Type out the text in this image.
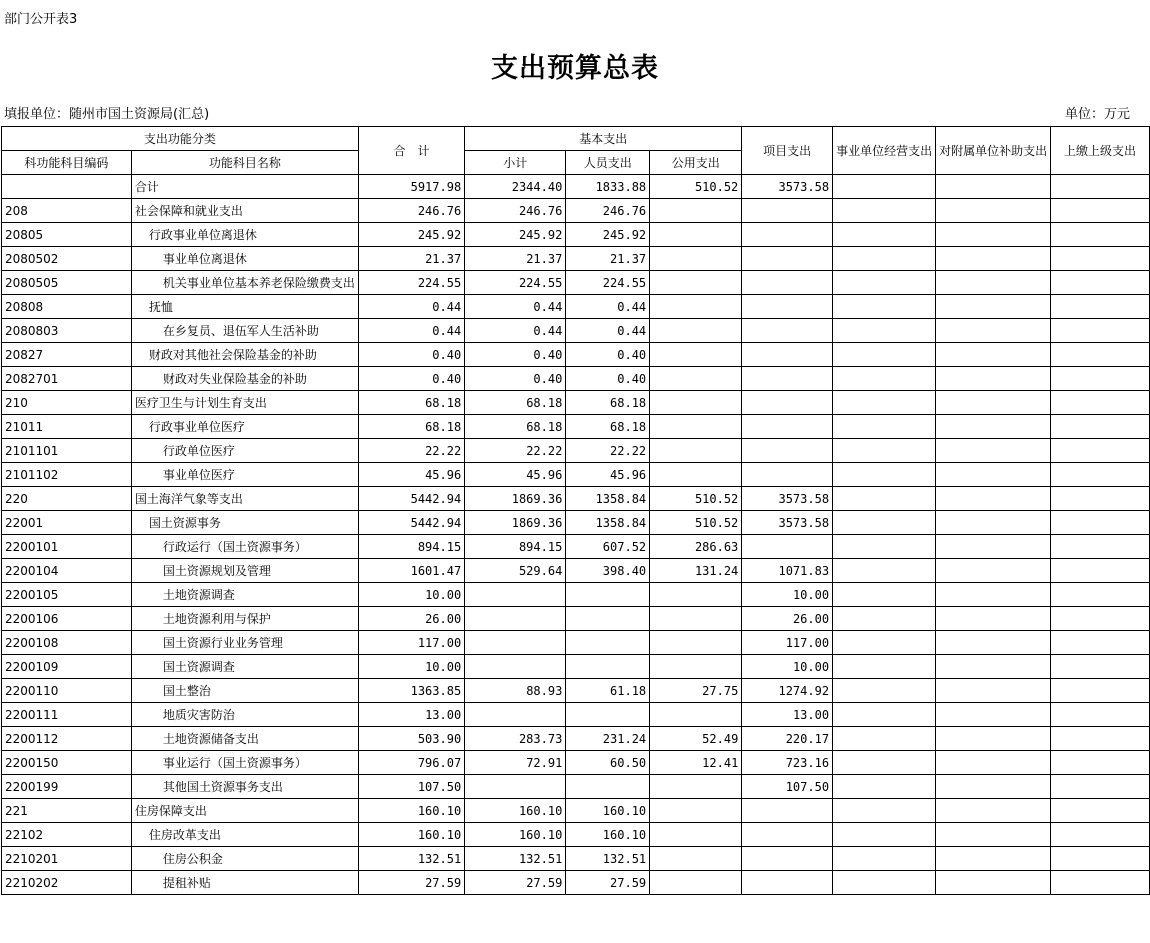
部门公开表3
支出预算总表
填报单位：随州市国土资源局(汇总)	单位：万元
支出功能分类		合　计	基本支出			项目支出	事业单位经营支出	对附属单位补助支出	上缴上级支出
科功能科目编码	功能科目名称		小计	人员支出	公用支出				
	合计	5917.98	2344.40	1833.88	510.52	3573.58			
208	社会保障和就业支出	246.76	246.76	246.76					
20805	行政事业单位离退休	245.92	245.92	245.92					
2080502	事业单位离退休	21.37	21.37	21.37					
2080505	机关事业单位基本养老保险缴费支出	224.55	224.55	224.55					
20808	抚恤	0.44	0.44	0.44					
2080803	在乡复员、退伍军人生活补助	0.44	0.44	0.44					
20827	财政对其他社会保险基金的补助	0.40	0.40	0.40					
2082701	财政对失业保险基金的补助	0.40	0.40	0.40					
210	医疗卫生与计划生育支出	68.18	68.18	68.18					
21011	行政事业单位医疗	68.18	68.18	68.18					
2101101	行政单位医疗	22.22	22.22	22.22					
2101102	事业单位医疗	45.96	45.96	45.96					
220	国土海洋气象等支出	5442.94	1869.36	1358.84	510.52	3573.58			
22001	国土资源事务	5442.94	1869.36	1358.84	510.52	3573.58			
2200101	行政运行（国土资源事务）	894.15	894.15	607.52	286.63				
2200104	国土资源规划及管理	1601.47	529.64	398.40	131.24	1071.83			
2200105	土地资源调查	10.00				10.00			
2200106	土地资源利用与保护	26.00				26.00			
2200108	国土资源行业业务管理	117.00				117.00			
2200109	国土资源调查	10.00				10.00			
2200110	国土整治	1363.85	88.93	61.18	27.75	1274.92			
2200111	地质灾害防治	13.00				13.00			
2200112	土地资源储备支出	503.90	283.73	231.24	52.49	220.17			
2200150	事业运行（国土资源事务）	796.07	72.91	60.50	12.41	723.16			
2200199	其他国土资源事务支出	107.50				107.50			
221	住房保障支出	160.10	160.10	160.10					
22102	住房改革支出	160.10	160.10	160.10					
2210201	住房公积金	132.51	132.51	132.51					
2210202	提租补贴	27.59	27.59	27.59					
